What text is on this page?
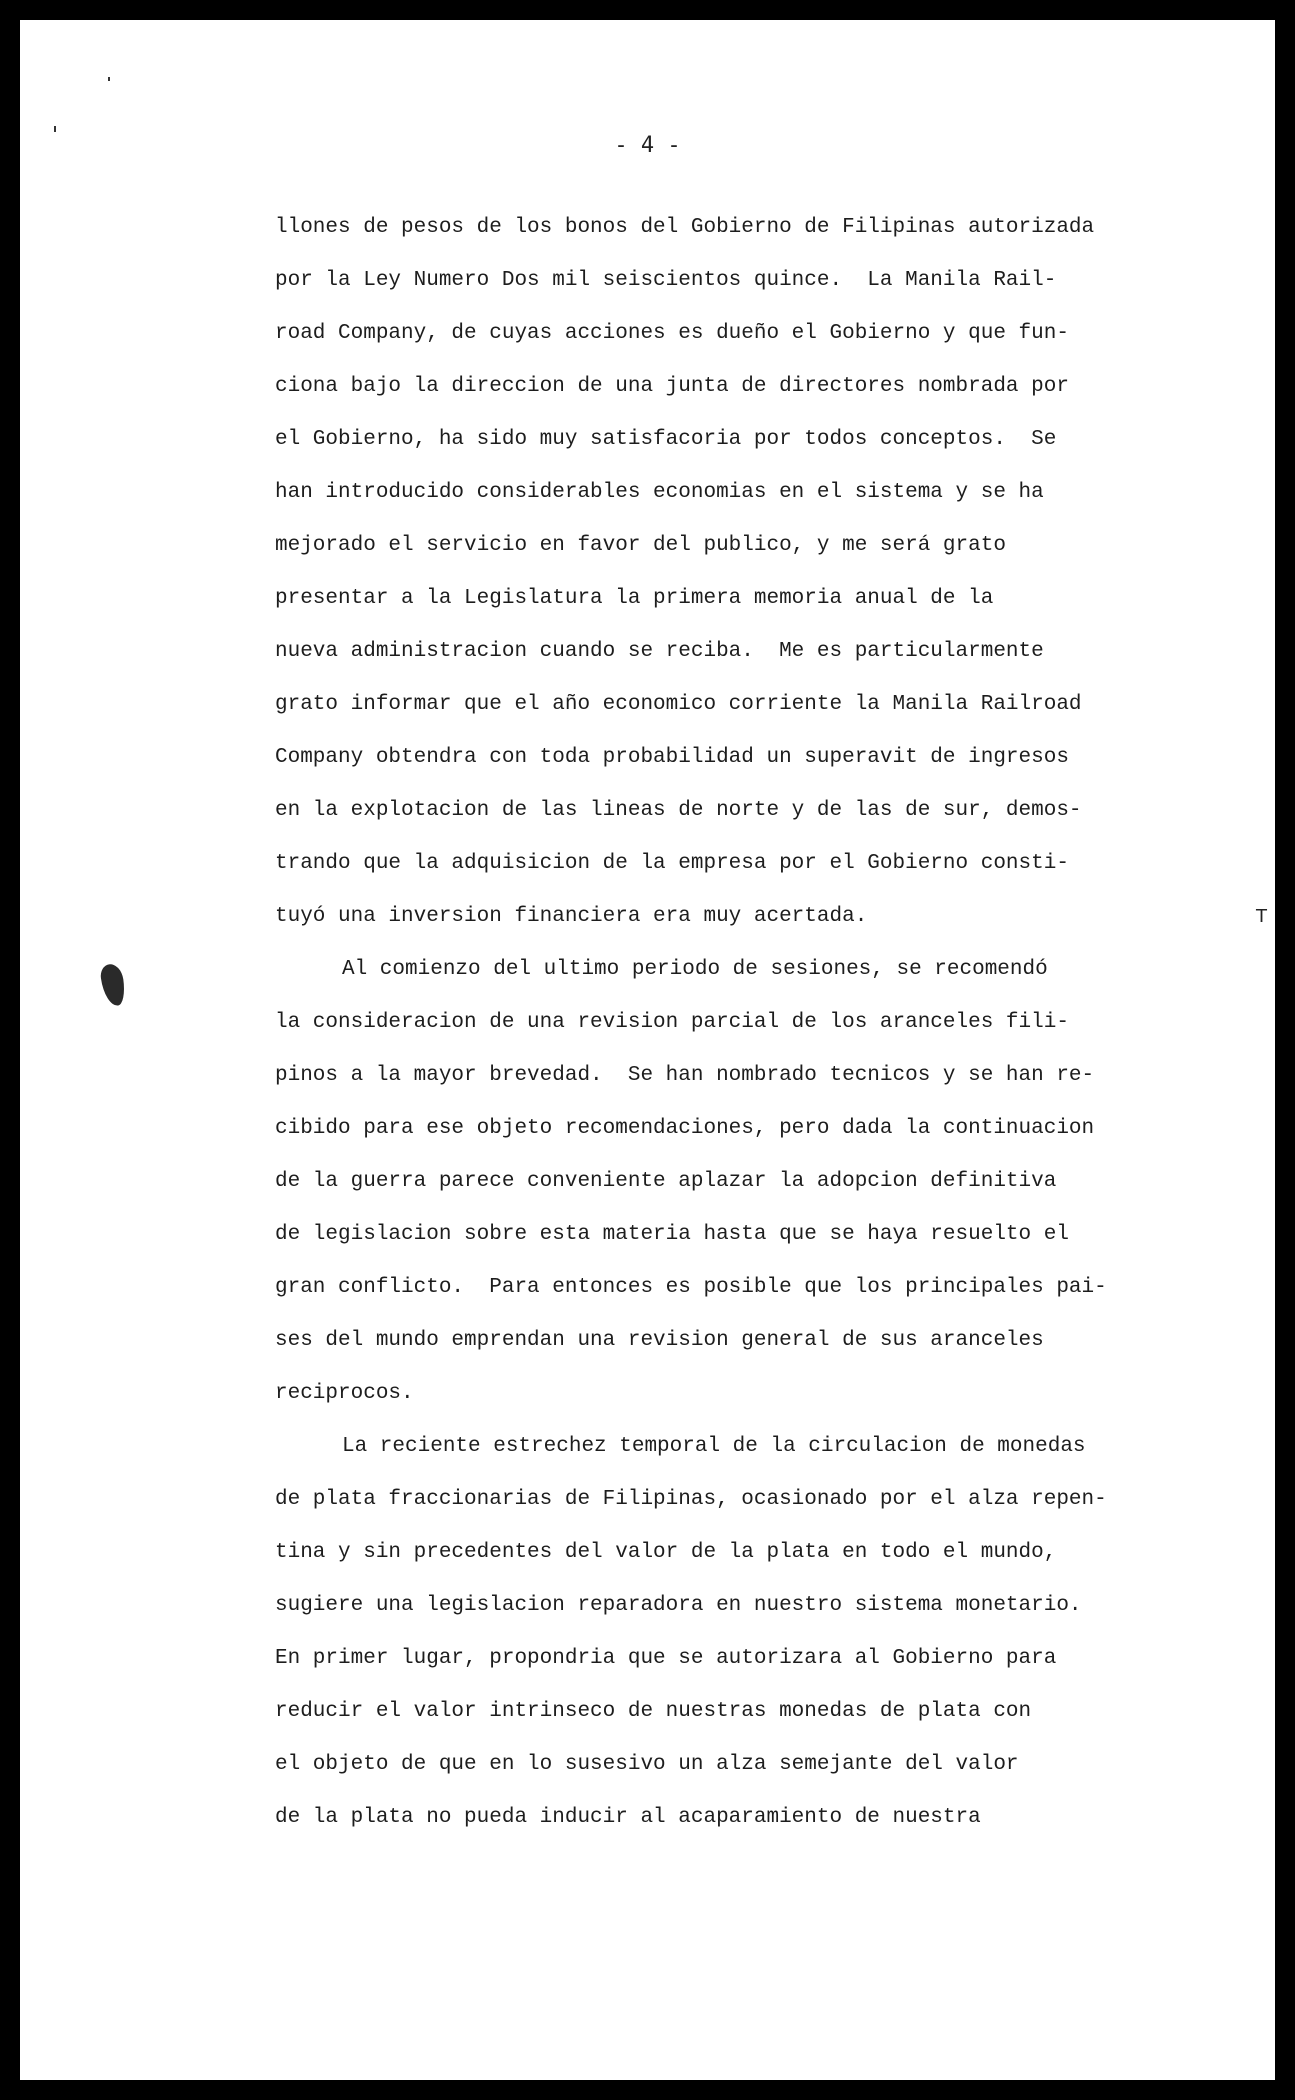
- 4 -
T
llones de pesos de los bonos del Gobierno de Filipinas autorizada
por la Ley Numero Dos mil seiscientos quince.  La Manila Rail-
road Company, de cuyas acciones es dueño el Gobierno y que fun-
ciona bajo la direccion de una junta de directores nombrada por
el Gobierno, ha sido muy satisfacoria por todos conceptos.  Se
han introducido considerables economias en el sistema y se ha
mejorado el servicio en favor del publico, y me será grato
presentar a la Legislatura la primera memoria anual de la
nueva administracion cuando se reciba.  Me es particularmente
grato informar que el año economico corriente la Manila Railroad
Company obtendra con toda probabilidad un superavit de ingresos
en la explotacion de las lineas de norte y de las de sur, demos-
trando que la adquisicion de la empresa por el Gobierno consti-
tuyó una inversion financiera era muy acertada.
Al comienzo del ultimo periodo de sesiones, se recomendó
la consideracion de una revision parcial de los aranceles fili-
pinos a la mayor brevedad.  Se han nombrado tecnicos y se han re-
cibido para ese objeto recomendaciones, pero dada la continuacion
de la guerra parece conveniente aplazar la adopcion definitiva
de legislacion sobre esta materia hasta que se haya resuelto el
gran conflicto.  Para entonces es posible que los principales pai-
ses del mundo emprendan una revision general de sus aranceles
reciprocos.
La reciente estrechez temporal de la circulacion de monedas
de plata fraccionarias de Filipinas, ocasionado por el alza repen-
tina y sin precedentes del valor de la plata en todo el mundo,
sugiere una legislacion reparadora en nuestro sistema monetario.
En primer lugar, propondria que se autorizara al Gobierno para
reducir el valor intrinseco de nuestras monedas de plata con
el objeto de que en lo susesivo un alza semejante del valor
de la plata no pueda inducir al acaparamiento de nuestra
